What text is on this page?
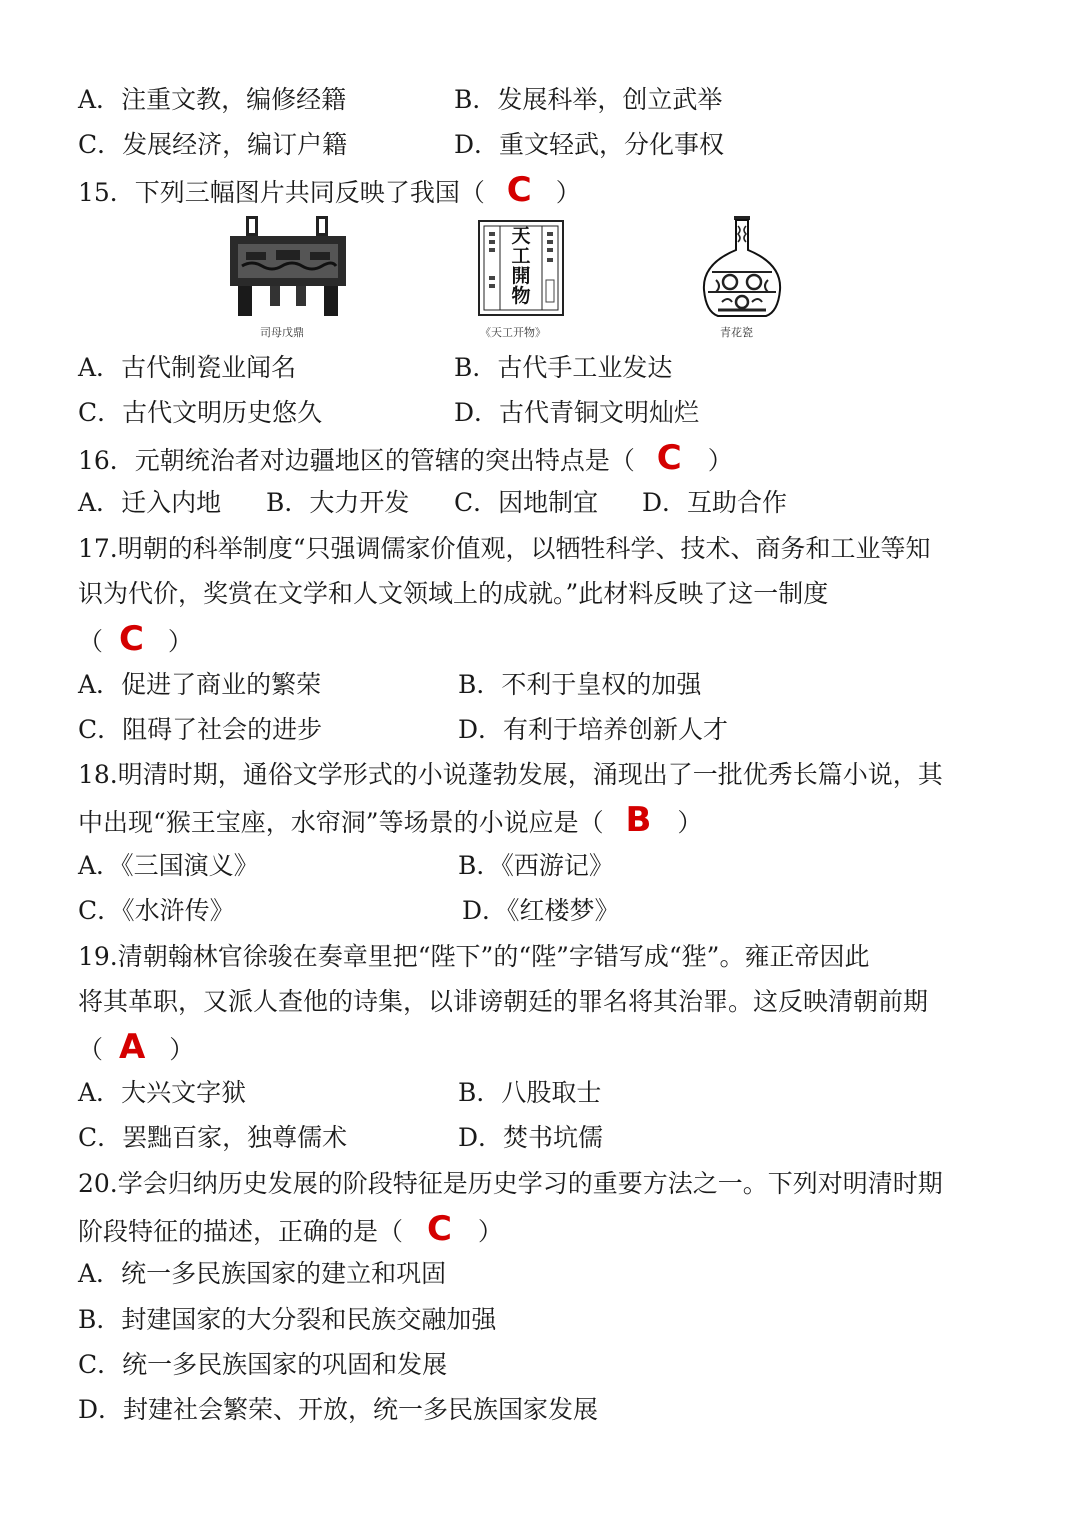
A．注重文教，编修经籍	B．发展科举，创立武举
C．发展经济，编订户籍	D．重文轻武，分化事权
15．下列三幅图片共同反映了我国（ C ）
司母戊鼎
天工開物
《天工开物》	青花瓷
A．古代制瓷业闻名	B．古代手工业发达
C．古代文明历史悠久	D．古代青铜文明灿烂
16．元朝统治者对边疆地区的管辖的突出特点是（ C ）
A．迁入内地 B．大力开发 C．因地制宜 D．互助合作
17.明朝的科举制度“只强调儒家价值观，以牺牲科学、技术、商务和工业等知
识为代价，奖赏在文学和人文领域上的成就。”此材料反映了这一制度
（ C ）
A．促进了商业的繁荣	B．不利于皇权的加强
C．阻碍了社会的进步	D．有利于培养创新人才
18.明清时期，通俗文学形式的小说蓬勃发展，涌现出了一批优秀长篇小说，其
中出现“猴王宝座，水帘洞”等场景的小说应是（ B ）
A．《三国演义》	B．《西游记》
C．《水浒传》	D．《红楼梦》
19.清朝翰林官徐骏在奏章里把“陛下”的“陛”字错写成“狴”。雍正帝因此
将其革职，又派人查他的诗集，以诽谤朝廷的罪名将其治罪。这反映清朝前期
（ A ）
A．大兴文字狱	B．八股取士
C．罢黜百家，独尊儒术	D．焚书坑儒
20.学会归纳历史发展的阶段特征是历史学习的重要方法之一。下列对明清时期
阶段特征的描述，正确的是（ C ）
A．统一多民族国家的建立和巩固
B．封建国家的大分裂和民族交融加强
C．统一多民族国家的巩固和发展
D．封建社会繁荣、开放，统一多民族国家发展
